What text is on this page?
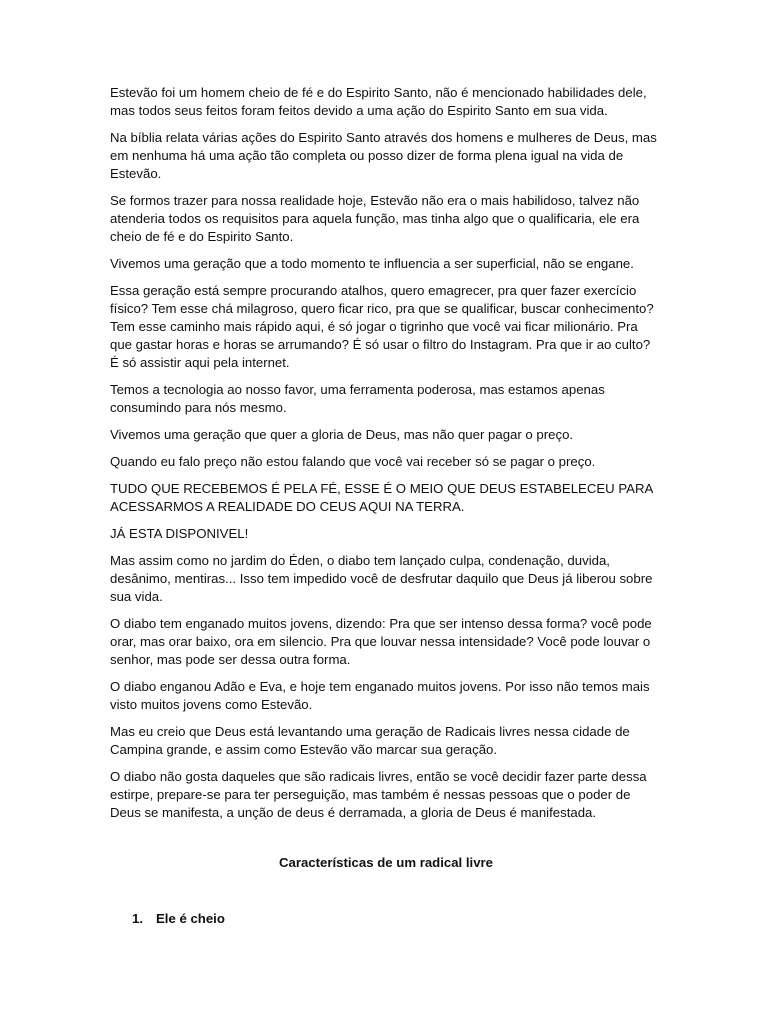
Estevão foi um homem cheio de fé e do Espirito Santo, não é mencionado habilidades dele, mas todos seus feitos foram feitos devido a uma ação do Espirito Santo em sua vida.

Na bíblia relata várias ações do Espirito Santo através dos homens e mulheres de Deus, mas em nenhuma há uma ação tão completa ou posso dizer de forma plena igual na vida de Estevão.

Se formos trazer para nossa realidade hoje, Estevão não era o mais habilidoso, talvez não atenderia todos os requisitos para aquela função, mas tinha algo que o qualificaria, ele era cheio de fé e do Espirito Santo.

Vivemos uma geração que a todo momento te influencia a ser superficial, não se engane.

Essa geração está sempre procurando atalhos, quero emagrecer, pra quer fazer exercício físico? Tem esse chá milagroso, quero ficar rico, pra que se qualificar, buscar conhecimento? Tem esse caminho mais rápido aqui, é só jogar o tigrinho que você vai ficar milionário. Pra que gastar horas e horas se arrumando? É só usar o filtro do Instagram. Pra que ir ao culto? É só assistir aqui pela internet.

Temos a tecnologia ao nosso favor, uma ferramenta poderosa, mas estamos apenas consumindo para nós mesmo.

Vivemos uma geração que quer a gloria de Deus, mas não quer pagar o preço.

Quando eu falo preço não estou falando que você vai receber só se pagar o preço.

TUDO QUE RECEBEMOS É PELA FÉ, ESSE É O MEIO QUE DEUS ESTABELECEU PARA ACESSARMOS A REALIDADE DO CEUS AQUI NA TERRA.

JÁ ESTA DISPONIVEL!

Mas assim como no jardim do Éden, o diabo tem lançado culpa, condenação, duvida, desânimo, mentiras... Isso tem impedido você de desfrutar daquilo que Deus já liberou sobre sua vida.

O diabo tem enganado muitos jovens, dizendo: Pra que ser intenso dessa forma? você pode orar, mas orar baixo, ora em silencio. Pra que louvar nessa intensidade? Você pode louvar o senhor, mas pode ser dessa outra forma.

O diabo enganou Adão e Eva, e hoje tem enganado muitos jovens. Por isso não temos mais visto muitos jovens como Estevão.

Mas eu creio que Deus está levantando uma geração de Radicais livres nessa cidade de Campina grande, e assim como Estevão vão marcar sua geração.

O diabo não gosta daqueles que são radicais livres, então se você decidir fazer parte dessa estirpe, prepare-se para ter perseguição, mas também é nessas pessoas que o poder de Deus se manifesta, a unção de deus é derramada, a gloria de Deus é manifestada.

Características de um radical livre
1. Ele é cheio
